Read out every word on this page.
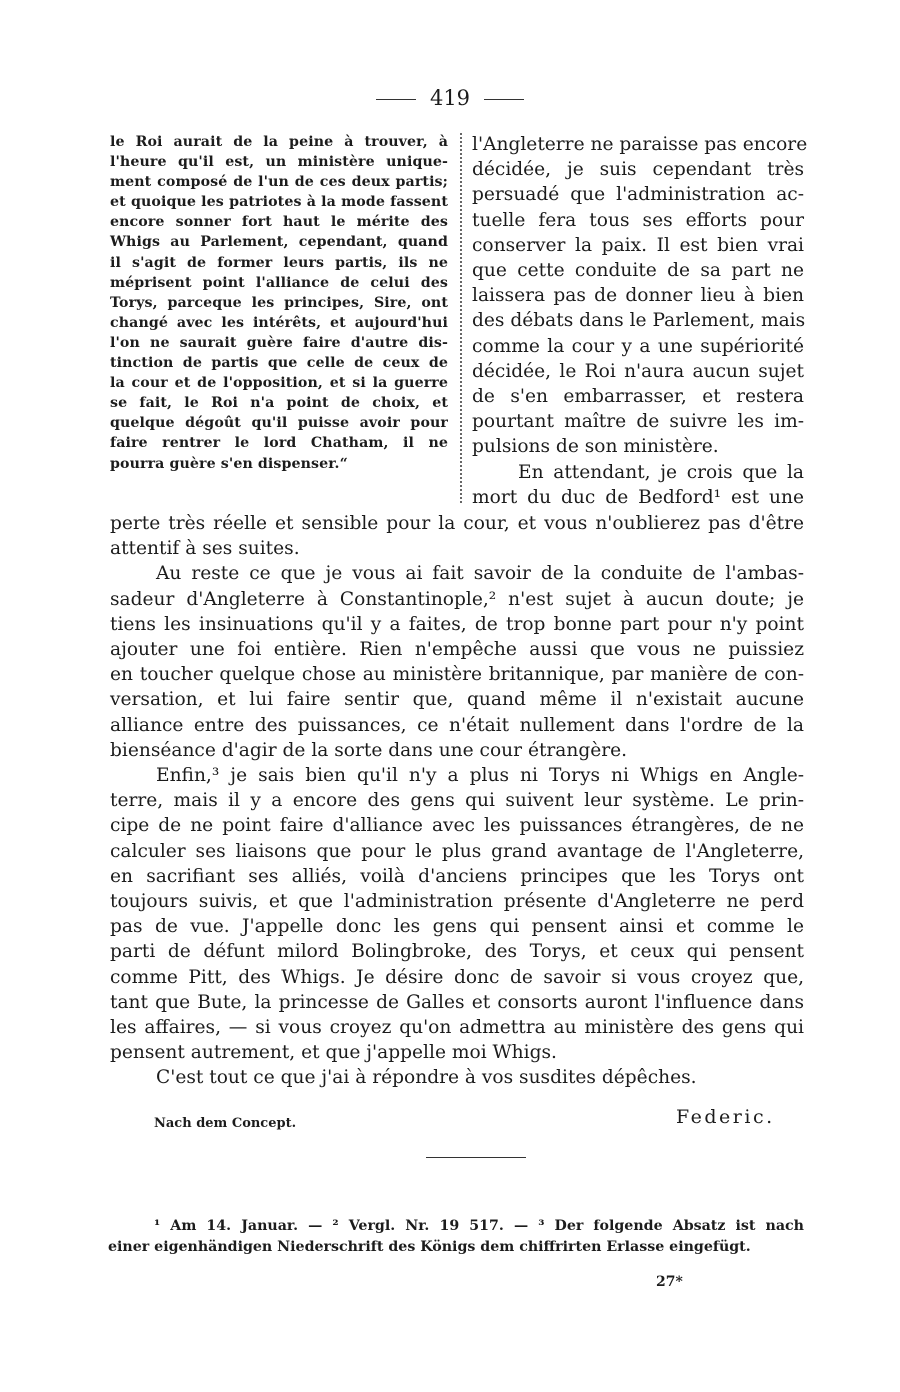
419
le Roi aurait de la peine à trouver, à
l'heure qu'il est, un ministère unique-
ment composé de l'un de ces deux partis;
et quoique les patriotes à la mode fassent
encore sonner fort haut le mérite des
Whigs au Parlement, cependant, quand
il s'agit de former leurs partis, ils ne
méprisent point l'alliance de celui des
Torys, parceque les principes, Sire, ont
changé avec les intérêts, et aujourd'hui
l'on ne saurait guère faire d'autre dis-
tinction de partis que celle de ceux de
la cour et de l'opposition, et si la guerre
se fait, le Roi n'a point de choix, et
quelque dégoût qu'il puisse avoir pour
faire rentrer le lord Chatham, il ne
pourra guère s'en dispenser.“
l'Angleterre ne paraisse pas encore
décidée, je suis cependant très
persuadé que l'administration ac-
tuelle fera tous ses efforts pour
conserver la paix. Il est bien vrai
que cette conduite de sa part ne
laissera pas de donner lieu à bien
des débats dans le Parlement, mais
comme la cour y a une supériorité
décidée, le Roi n'aura aucun sujet
de s'en embarrasser, et restera
pourtant maître de suivre les im-
pulsions de son ministère.
En attendant, je crois que la
mort du duc de Bedford¹ est une
perte très réelle et sensible pour la cour, et vous n'oublierez pas d'être
attentif à ses suites.
Au reste ce que je vous ai fait savoir de la conduite de l'ambas-
sadeur d'Angleterre à Constantinople,² n'est sujet à aucun doute; je
tiens les insinuations qu'il y a faites, de trop bonne part pour n'y point
ajouter une foi entière. Rien n'empêche aussi que vous ne puissiez
en toucher quelque chose au ministère britannique, par manière de con-
versation, et lui faire sentir que, quand même il n'existait aucune
alliance entre des puissances, ce n'était nullement dans l'ordre de la
bienséance d'agir de la sorte dans une cour étrangère.
Enfin,³ je sais bien qu'il n'y a plus ni Torys ni Whigs en Angle-
terre, mais il y a encore des gens qui suivent leur système. Le prin-
cipe de ne point faire d'alliance avec les puissances étrangères, de ne
calculer ses liaisons que pour le plus grand avantage de l'Angleterre,
en sacrifiant ses alliés, voilà d'anciens principes que les Torys ont
toujours suivis, et que l'administration présente d'Angleterre ne perd
pas de vue. J'appelle donc les gens qui pensent ainsi et comme le
parti de défunt milord Bolingbroke, des Torys, et ceux qui pensent
comme Pitt, des Whigs. Je désire donc de savoir si vous croyez que,
tant que Bute, la princesse de Galles et consorts auront l'influence dans
les affaires, — si vous croyez qu'on admettra au ministère des gens qui
pensent autrement, et que j'appelle moi Whigs.
C'est tout ce que j'ai à répondre à vos susdites dépêches.
Nach dem Concept.	Federic.
¹ Am 14. Januar. — ² Vergl. Nr. 19 517. — ³ Der folgende Absatz ist nach
einer eigenhändigen Niederschrift des Königs dem chiffrirten Erlasse eingefügt.
27*
